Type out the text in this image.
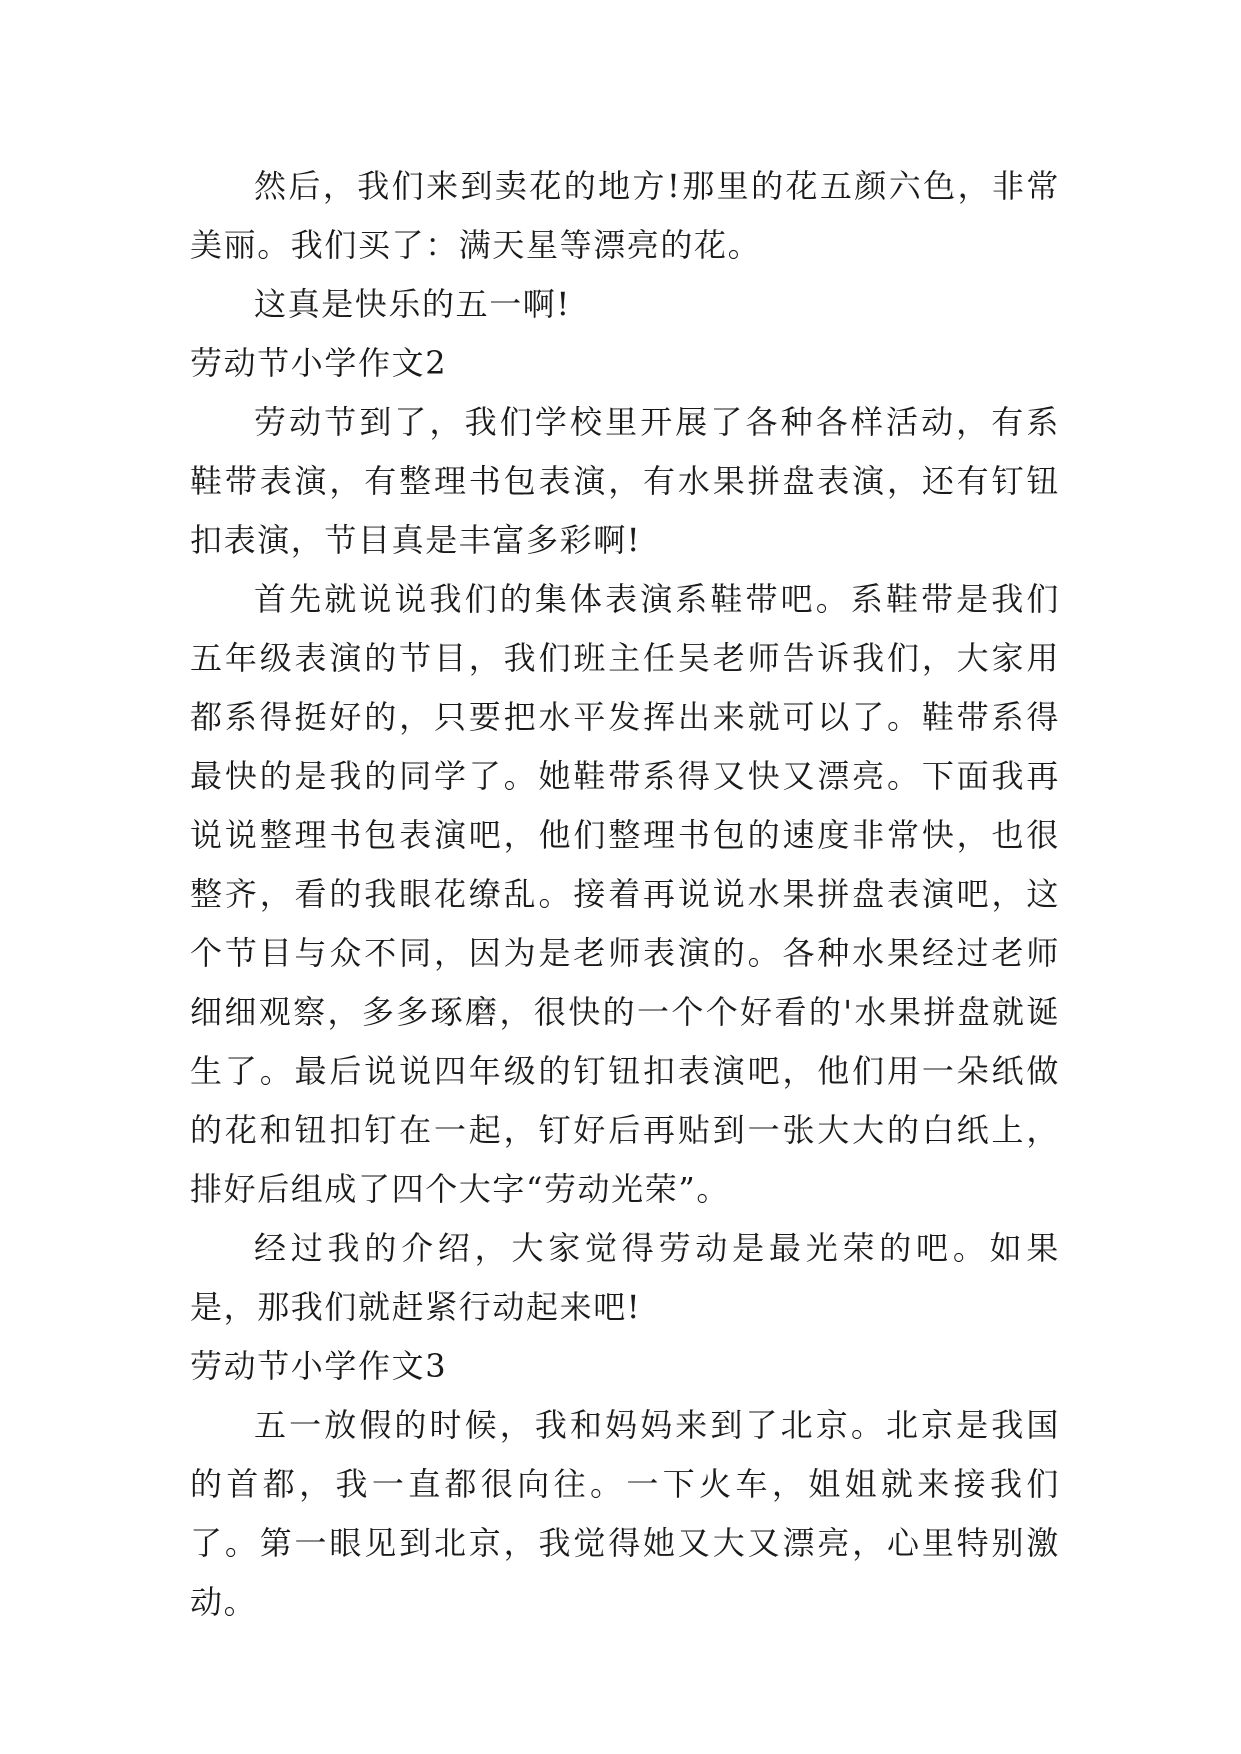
然后，我们来到卖花的地方!那里的花五颜六色，非常美丽。我们买了：满天星等漂亮的花。

这真是快乐的五一啊!

劳动节小学作文2

劳动节到了，我们学校里开展了各种各样活动，有系鞋带表演，有整理书包表演，有水果拼盘表演，还有钉钮扣表演，节目真是丰富多彩啊!

首先就说说我们的集体表演系鞋带吧。系鞋带是我们五年级表演的节目，我们班主任吴老师告诉我们，大家用都系得挺好的，只要把水平发挥出来就可以了。鞋带系得最快的是我的同学了。她鞋带系得又快又漂亮。下面我再说说整理书包表演吧，他们整理书包的速度非常快，也很整齐，看的我眼花缭乱。接着再说说水果拼盘表演吧，这个节目与众不同，因为是老师表演的。各种水果经过老师细细观察，多多琢磨，很快的一个个好看的'水果拼盘就诞生了。最后说说四年级的钉钮扣表演吧，他们用一朵纸做的花和钮扣钉在一起，钉好后再贴到一张大大的白纸上，排好后组成了四个大字“劳动光荣”。

经过我的介绍，大家觉得劳动是最光荣的吧。如果是，那我们就赶紧行动起来吧!

劳动节小学作文3

五一放假的时候，我和妈妈来到了北京。北京是我国的首都，我一直都很向往。一下火车，姐姐就来接我们了。第一眼见到北京，我觉得她又大又漂亮，心里特别激动。
